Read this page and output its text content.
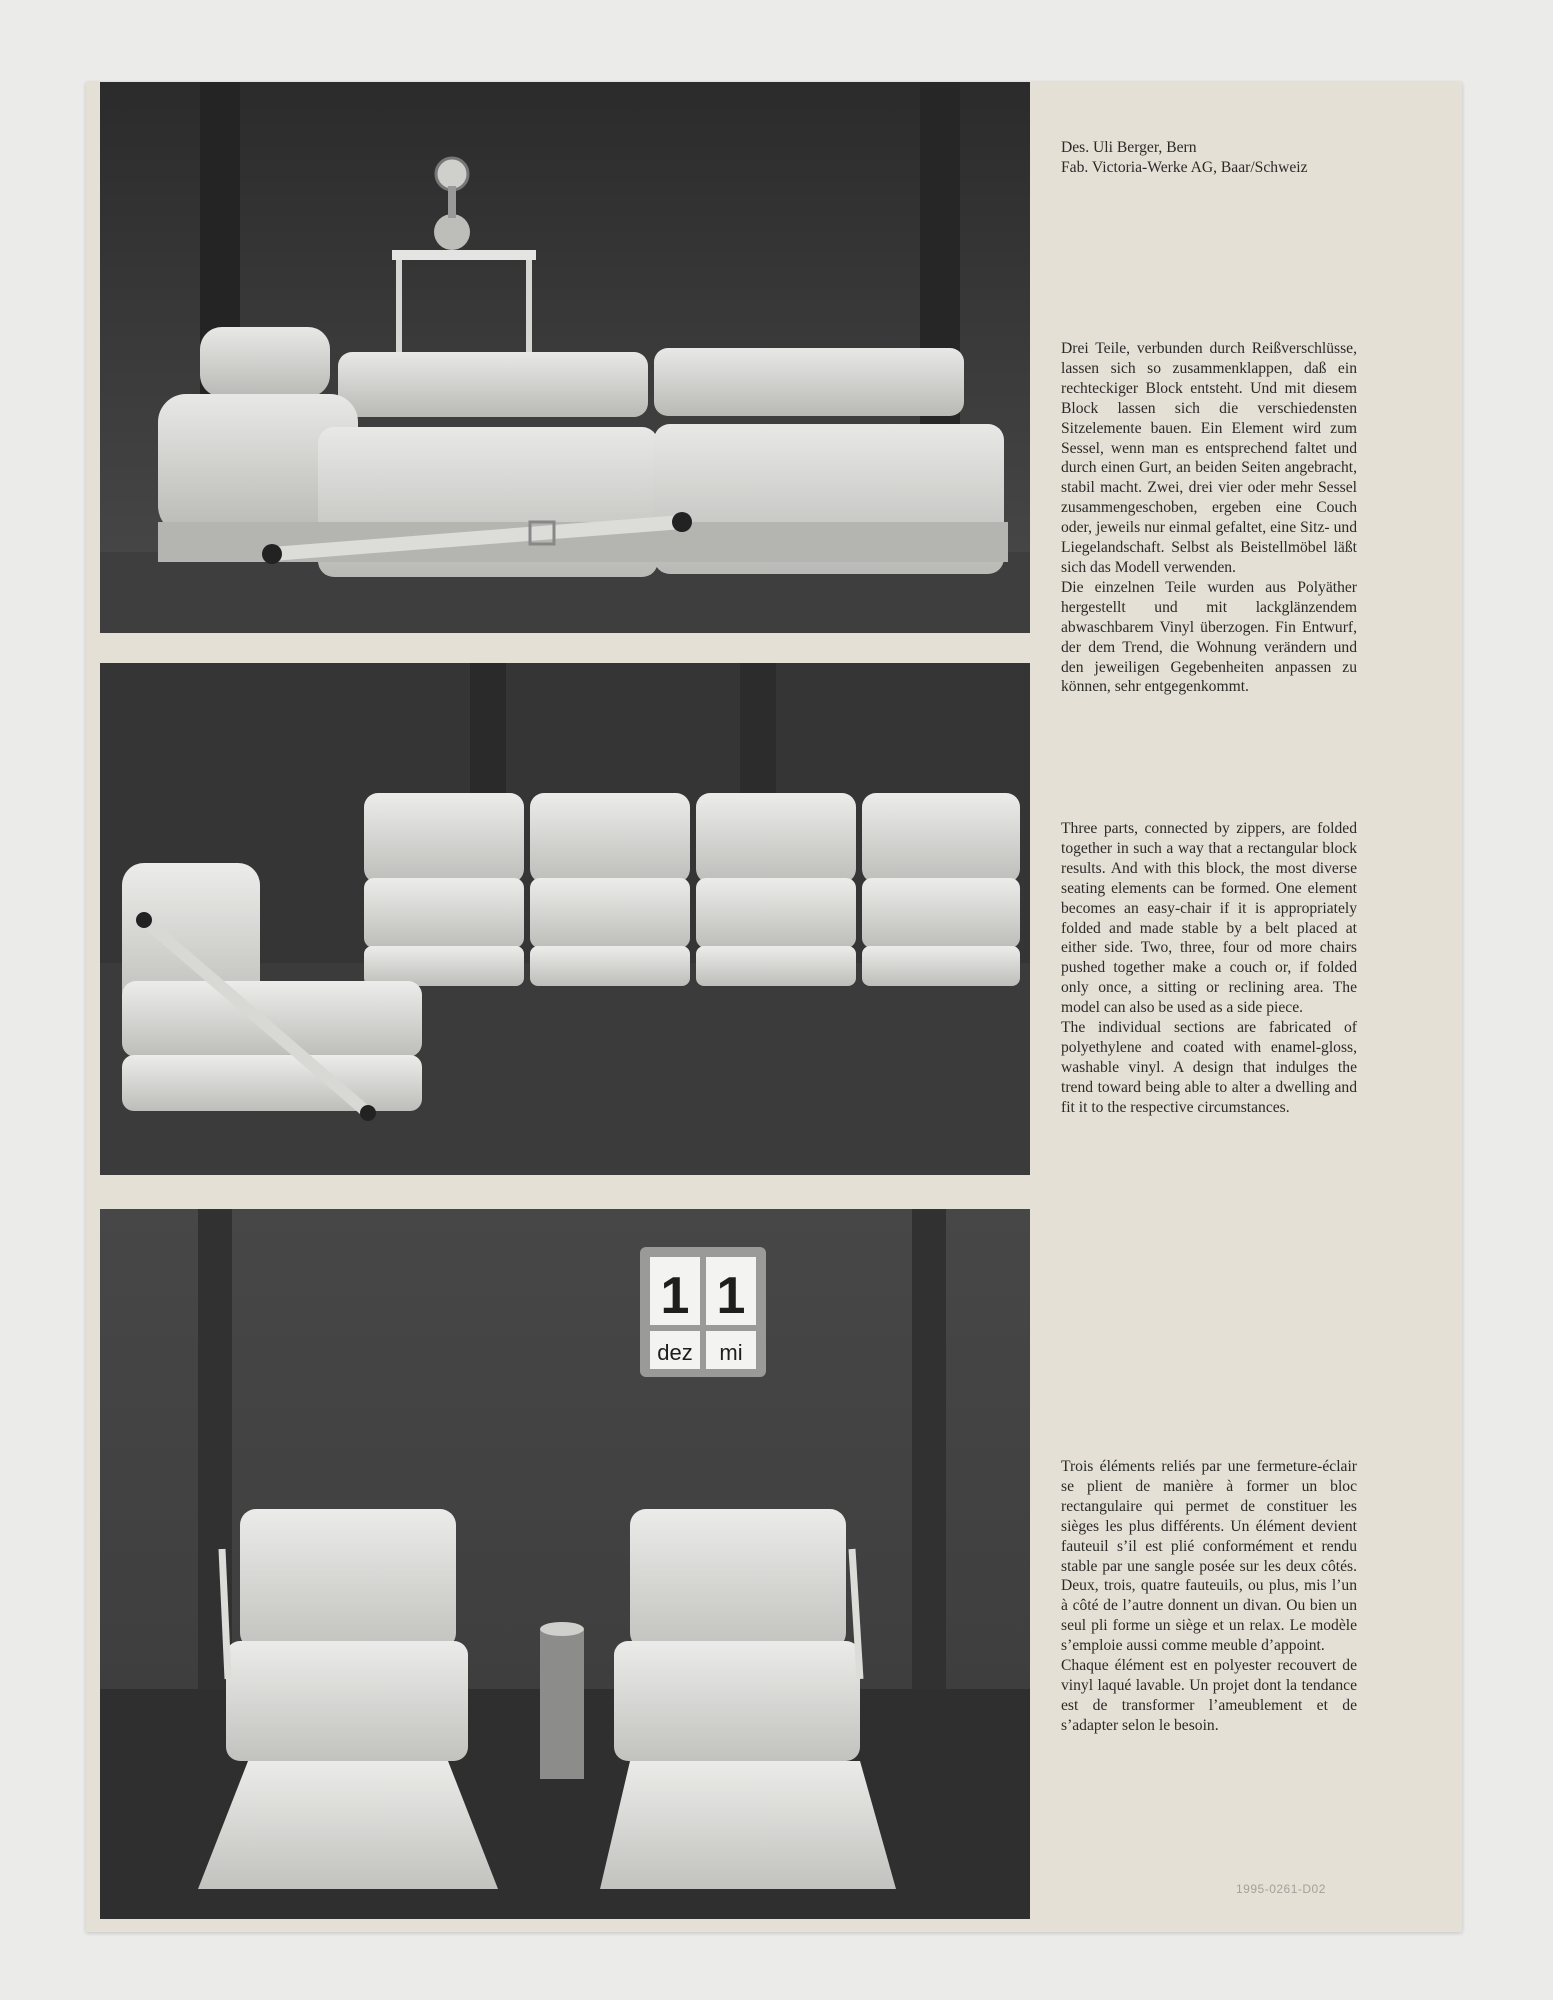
1 1
dez mi
Des. Uli Berger, Bern
Fab. Victoria-Werke AG, Baar/Schweiz

Drei Teile, verbunden durch Reißverschlüsse, lassen sich so zusammenklappen, daß ein rechteckiger Block entsteht. Und mit diesem Block lassen sich die verschiedensten Sitzelemente bauen. Ein Element wird zum Sessel, wenn man es entsprechend faltet und durch einen Gurt, an beiden Seiten angebracht, stabil macht. Zwei, drei vier oder mehr Sessel zusammengeschoben, ergeben eine Couch oder, jeweils nur einmal gefaltet, eine Sitz- und Liegelandschaft. Selbst als Beistellmöbel läßt sich das Modell verwenden.

Die einzelnen Teile wurden aus Polyäther hergestellt und mit lackglänzendem abwaschbarem Vinyl überzogen. Fin Entwurf, der dem Trend, die Wohnung verändern und den jeweiligen Gegebenheiten anpassen zu können, sehr entgegenkommt.

Three parts, connected by zippers, are folded together in such a way that a rectangular block results. And with this block, the most diverse seating elements can be formed. One element becomes an easy-chair if it is appropriately folded and made stable by a belt placed at either side. Two, three, four od more chairs pushed together make a couch or, if folded only once, a sitting or reclining area. The model can also be used as a side piece.

The individual sections are fabricated of polyethylene and coated with enamel-gloss, washable vinyl. A design that indulges the trend toward being able to alter a dwelling and fit it to the respective circumstances.

Trois éléments reliés par une fermeture-éclair se plient de manière à former un bloc rectangulaire qui permet de constituer les sièges les plus différents. Un élément devient fauteuil s’il est plié conformément et rendu stable par une sangle posée sur les deux côtés. Deux, trois, quatre fauteuils, ou plus, mis l’un à côté de l’autre donnent un divan. Ou bien un seul pli forme un siège et un relax. Le modèle s’emploie aussi comme meuble d’appoint.

Chaque élément est en polyester recouvert de vinyl laqué lavable. Un projet dont la tendance est de transformer l’ameublement et de s’adapter selon le besoin.

1995-0261-D02
